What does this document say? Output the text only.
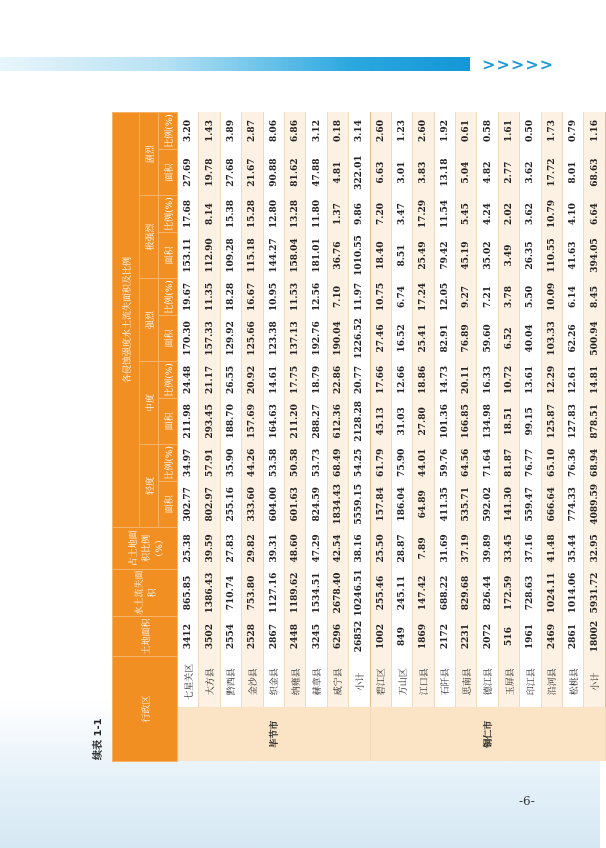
>>>>>
续表 1-1
行政区		土地面积	水土流失面积	占土地面积比例（%）	各侵蚀强度水土流失面积及比例									
					轻度		中度		强烈		极强烈		剧烈	
					面积	比例(%)	面积	比例(%)	面积	比例(%)	面积	比例(%)	面积	比例(%)
毕节市	七星关区	3412	865.85	25.38	302.77	34.97	211.98	24.48	170.30	19.67	153.11	17.68	27.69	3.20
	大方县	3502	1386.43	39.59	802.97	57.91	293.45	21.17	157.33	11.35	112.90	8.14	19.78	1.43
	黔西县	2554	710.74	27.83	255.16	35.90	188.70	26.55	129.92	18.28	109.28	15.38	27.68	3.89
	金沙县	2528	753.80	29.82	333.60	44.26	157.69	20.92	125.66	16.67	115.18	15.28	21.67	2.87
	织金县	2867	1127.16	39.31	604.00	53.58	164.63	14.61	123.38	10.95	144.27	12.80	90.88	8.06
	纳雍县	2448	1189.62	48.60	601.63	50.58	211.20	17.75	137.13	11.53	158.04	13.28	81.62	6.86
	赫章县	3245	1534.51	47.29	824.59	53.73	288.27	18.79	192.76	12.56	181.01	11.80	47.88	3.12
	威宁县	6296	2678.40	42.54	1834.43	68.49	612.36	22.86	190.04	7.10	36.76	1.37	4.81	0.18
	小计	26852	10246.51	38.16	5559.15	54.25	2128.28	20.77	1226.52	11.97	1010.55	9.86	322.01	3.14
铜仁市	碧江区	1002	255.46	25.50	157.84	61.79	45.13	17.66	27.46	10.75	18.40	7.20	6.63	2.60
	万山区	849	245.11	28.87	186.04	75.90	31.03	12.66	16.52	6.74	8.51	3.47	3.01	1.23
	江口县	1869	147.42	7.89	64.89	44.01	27.80	18.86	25.41	17.24	25.49	17.29	3.83	2.60
	石阡县	2172	688.22	31.69	411.35	59.76	101.36	14.73	82.91	12.05	79.42	11.54	13.18	1.92
	思南县	2231	829.68	37.19	535.71	64.56	166.85	20.11	76.89	9.27	45.19	5.45	5.04	0.61
	德江县	2072	826.44	39.89	592.02	71.64	134.98	16.33	59.60	7.21	35.02	4.24	4.82	0.58
	玉屏县	516	172.59	33.45	141.30	81.87	18.51	10.72	6.52	3.78	3.49	2.02	2.77	1.61
	印江县	1961	728.63	37.16	559.47	76.77	99.15	13.61	40.04	5.50	26.35	3.62	3.62	0.50
	沿河县	2469	1024.11	41.48	666.64	65.10	125.87	12.29	103.33	10.09	110.55	10.79	17.72	1.73
	松桃县	2861	1014.06	35.44	774.33	76.36	127.83	12.61	62.26	6.14	41.63	4.10	8.01	0.79
	小计	18002	5931.72	32.95	4089.59	68.94	878.51	14.81	500.94	8.45	394.05	6.64	68.63	1.16
-6-
